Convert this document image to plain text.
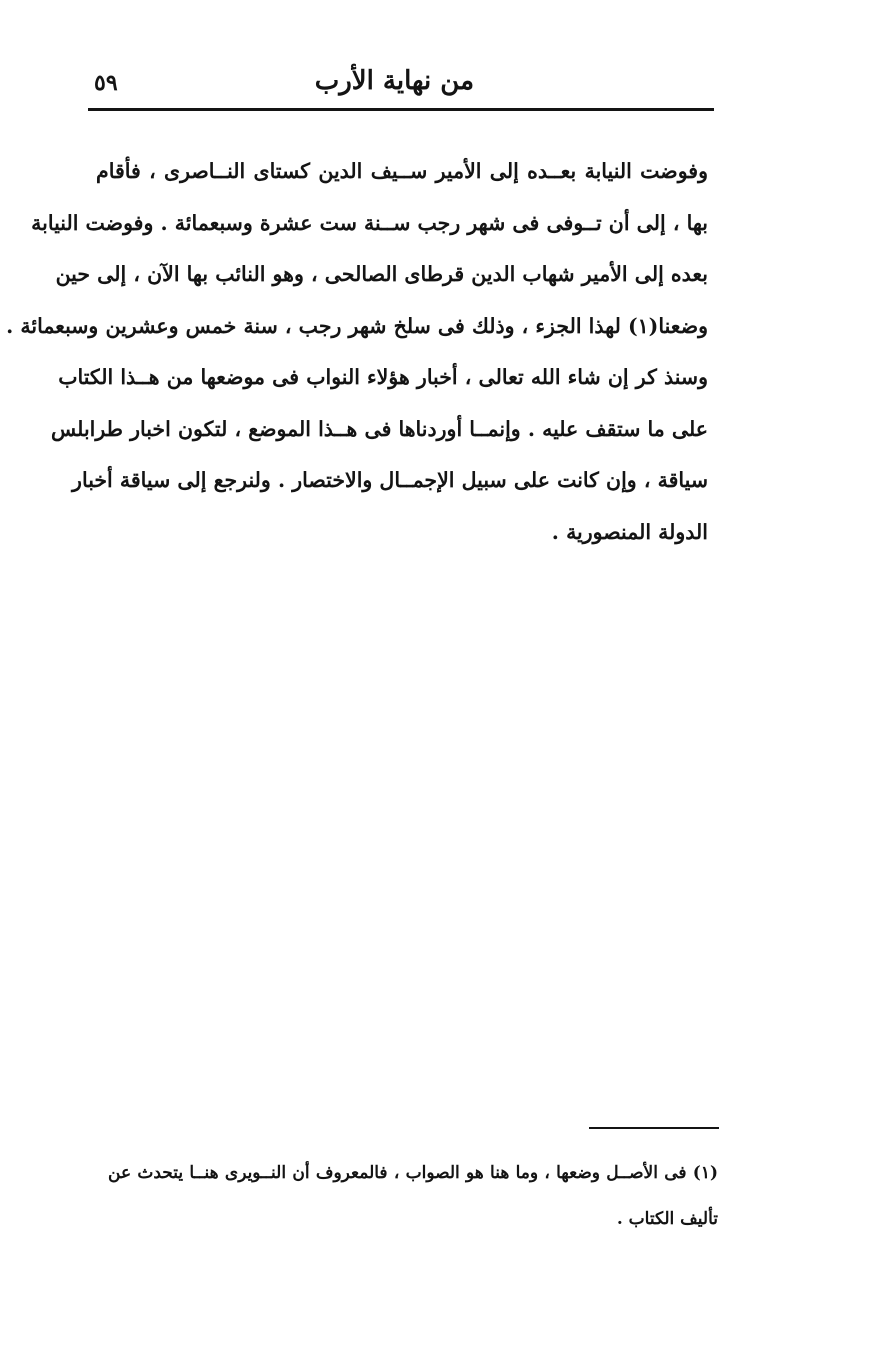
من نهاية الأرب
٥٩
وفوضت النيابة بعــده إلى الأمير ســيف الدين كستاى النــاصرى ، فأقام
بها ، إلى أن تــوفى فى شهر رجب ســنة ست عشرة وسبعمائة . وفوضت النيابة
بعده إلى الأمير شهاب الدين قرطاى الصالحى ، وهو النائب بها الآن ، إلى حين
وضعنا(١) لهذا الجزء ، وذلك فى سلخ شهر رجب ، سنة خمس وعشرين وسبعمائة .
وسنذ كر إن شاء الله تعالى ، أخبار هؤلاء النواب فى موضعها من هــذا الكتاب
على ما ستقف عليه . وإنمــا أوردناها فى هــذا الموضع ، لتكون اخبار طرابلس
سياقة ، وإن كانت على سبيل الإجمــال والاختصار . ولنرجع إلى سياقة أخبار
الدولة المنصورية .
(١) فى الأصــل وضعها ، وما هنا هو الصواب ، فالمعروف أن النــويرى هنــا يتحدث عن
تأليف الكتاب .
